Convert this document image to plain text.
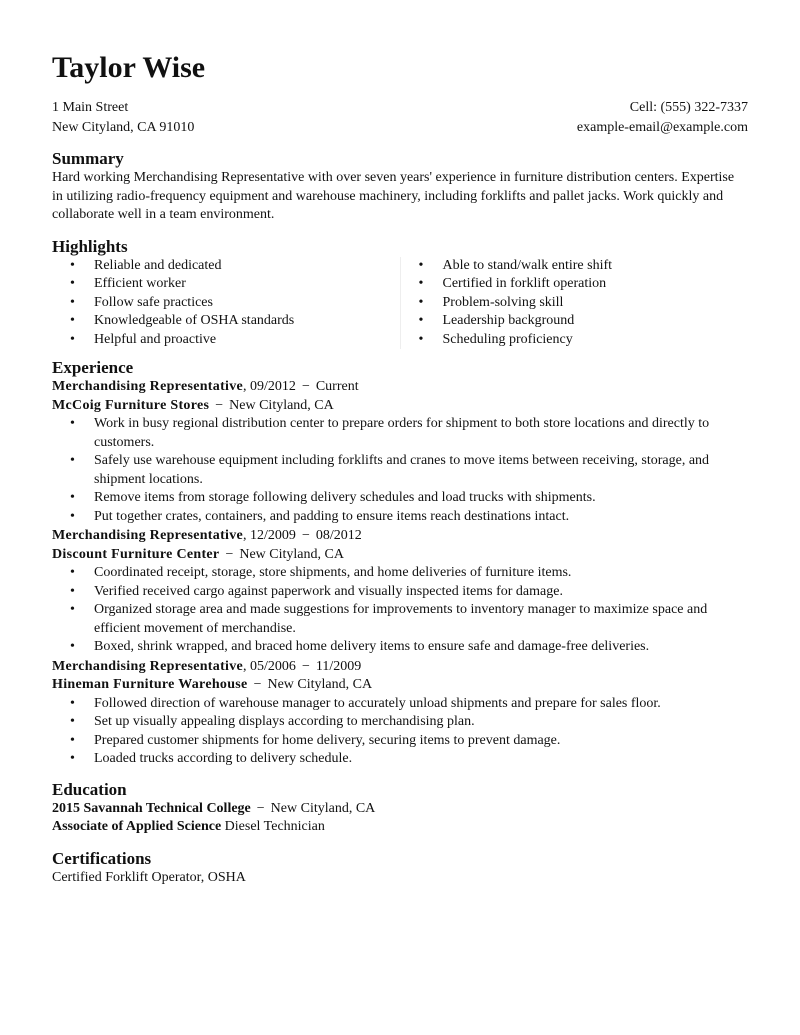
Taylor Wise
1 Main Street	Cell: (555) 322-7337
New Cityland, CA 91010	example-email@example.com
Summary
Hard working Merchandising Representative with over seven years' experience in furniture distribution centers. Expertise in utilizing radio-frequency equipment and warehouse machinery, including forklifts and pallet jacks. Work quickly and collaborate well in a team environment.
Highlights
• Reliable and dedicated
• Efficient worker
• Follow safe practices
• Knowledgeable of OSHA standards
• Helpful and proactive
• Able to stand/walk entire shift
• Certified in forklift operation
• Problem-solving skill
• Leadership background
• Scheduling proficiency
Experience
Merchandising Representative, 09/2012 − Current
McCoig Furniture Stores − New Cityland, CA
• Work in busy regional distribution center to prepare orders for shipment to both store locations and directly to customers.
• Safely use warehouse equipment including forklifts and cranes to move items between receiving, storage, and shipment locations.
• Remove items from storage following delivery schedules and load trucks with shipments.
• Put together crates, containers, and padding to ensure items reach destinations intact.
Merchandising Representative, 12/2009 − 08/2012
Discount Furniture Center − New Cityland, CA
• Coordinated receipt, storage, store shipments, and home deliveries of furniture items.
• Verified received cargo against paperwork and visually inspected items for damage.
• Organized storage area and made suggestions for improvements to inventory manager to maximize space and efficient movement of merchandise.
• Boxed, shrink wrapped, and braced home delivery items to ensure safe and damage-free deliveries.
Merchandising Representative, 05/2006 − 11/2009
Hineman Furniture Warehouse − New Cityland, CA
• Followed direction of warehouse manager to accurately unload shipments and prepare for sales floor.
• Set up visually appealing displays according to merchandising plan.
• Prepared customer shipments for home delivery, securing items to prevent damage.
• Loaded trucks according to delivery schedule.
Education
2015 Savannah Technical College − New Cityland, CA
Associate of Applied Science Diesel Technician
Certifications
Certified Forklift Operator, OSHA
